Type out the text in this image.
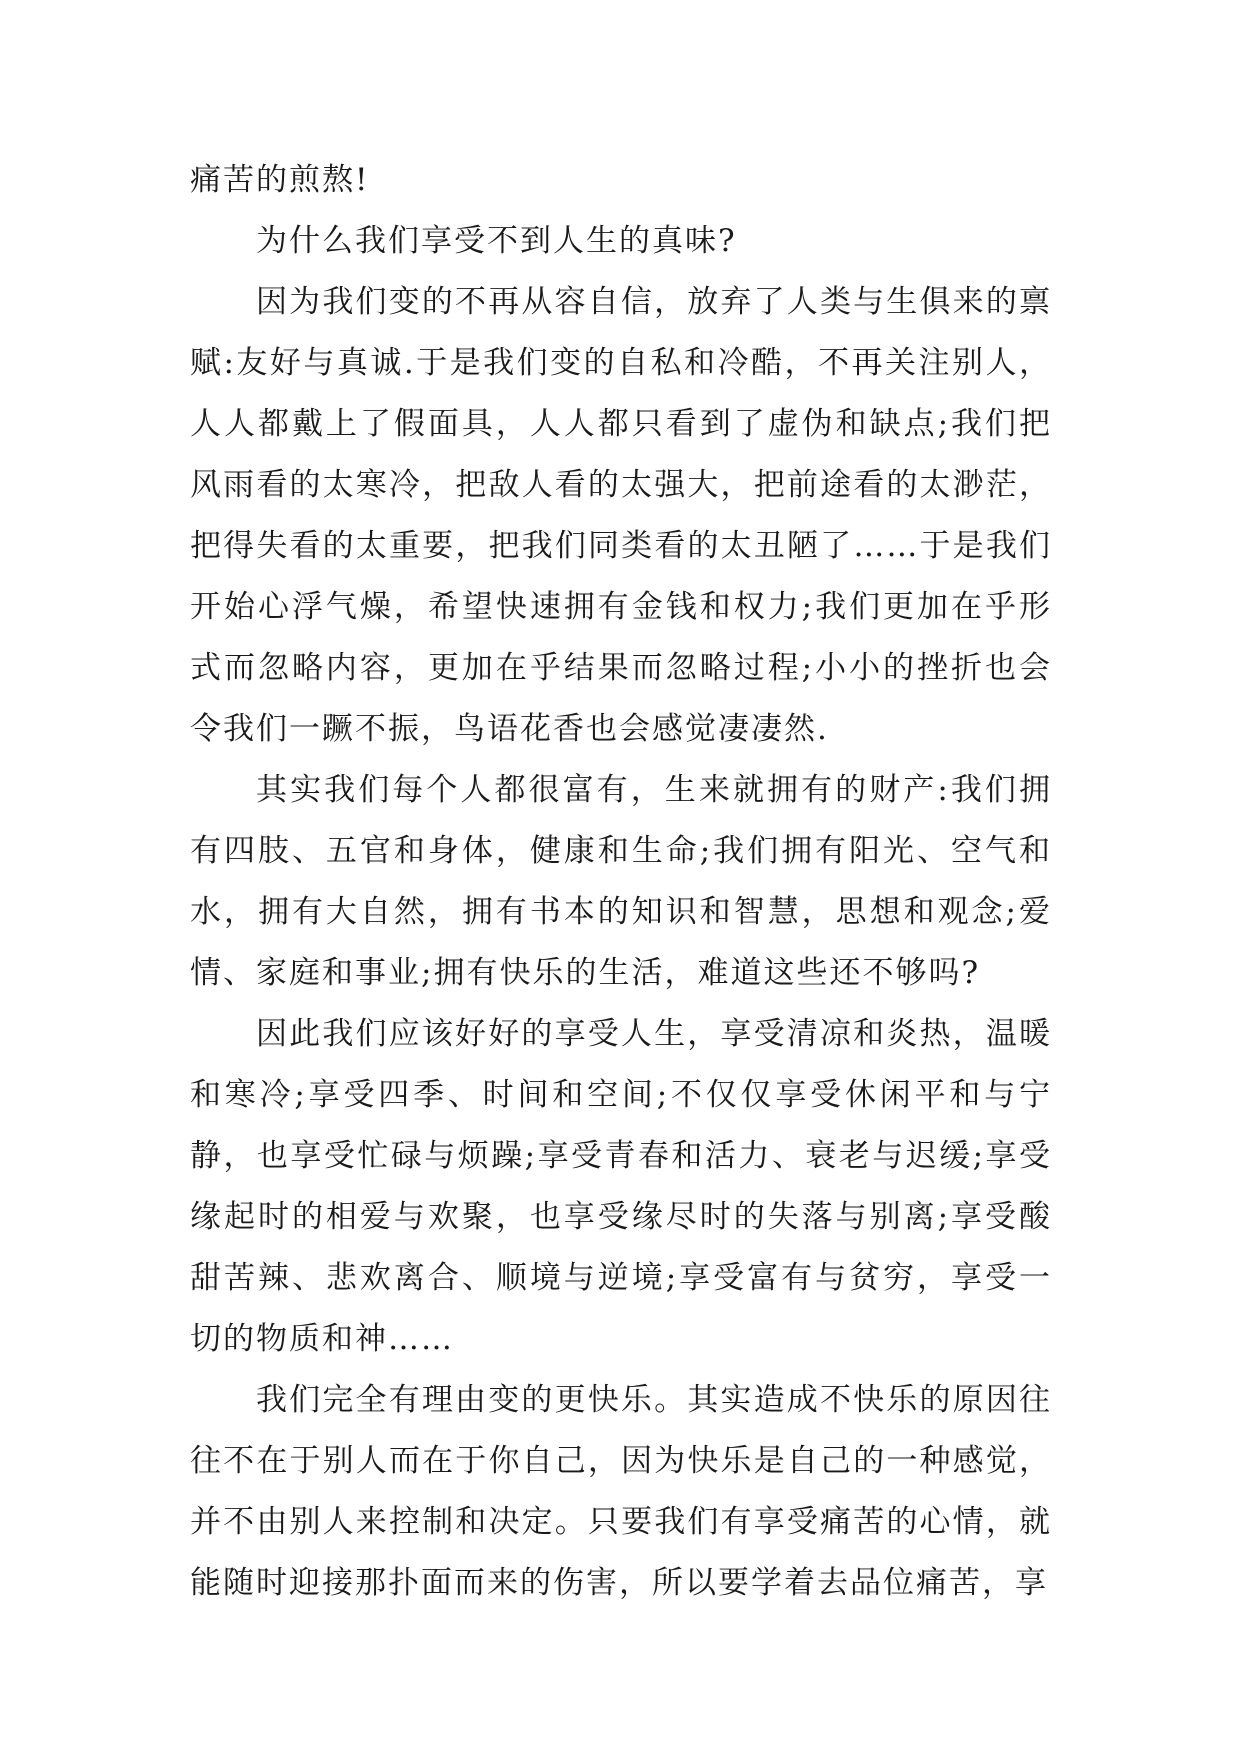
痛苦的煎熬!

为什么我们享受不到人生的真味?

因为我们变的不再从容自信，放弃了人类与生俱来的禀赋:友好与真诚.于是我们变的自私和冷酷，不再关注别人，人人都戴上了假面具，人人都只看到了虚伪和缺点;我们把风雨看的太寒冷，把敌人看的太强大，把前途看的太渺茫，把得失看的太重要，把我们同类看的太丑陋了……于是我们开始心浮气燥，希望快速拥有金钱和权力;我们更加在乎形式而忽略内容，更加在乎结果而忽略过程;小小的挫折也会令我们一蹶不振，鸟语花香也会感觉凄凄然.

其实我们每个人都很富有，生来就拥有的财产:我们拥有四肢、五官和身体，健康和生命;我们拥有阳光、空气和水，拥有大自然，拥有书本的知识和智慧，思想和观念;爱情、家庭和事业;拥有快乐的生活，难道这些还不够吗?

因此我们应该好好的享受人生，享受清凉和炎热，温暖和寒冷;享受四季、时间和空间;不仅仅享受休闲平和与宁静，也享受忙碌与烦躁;享受青春和活力、衰老与迟缓;享受缘起时的相爱与欢聚，也享受缘尽时的失落与别离;享受酸甜苦辣、悲欢离合、顺境与逆境;享受富有与贫穷，享受一切的物质和神……

我们完全有理由变的更快乐。其实造成不快乐的原因往往不在于别人而在于你自己，因为快乐是自己的一种感觉，并不由别人来控制和决定。只要我们有享受痛苦的心情，就能随时迎接那扑面而来的伤害，所以要学着去品位痛苦，享
